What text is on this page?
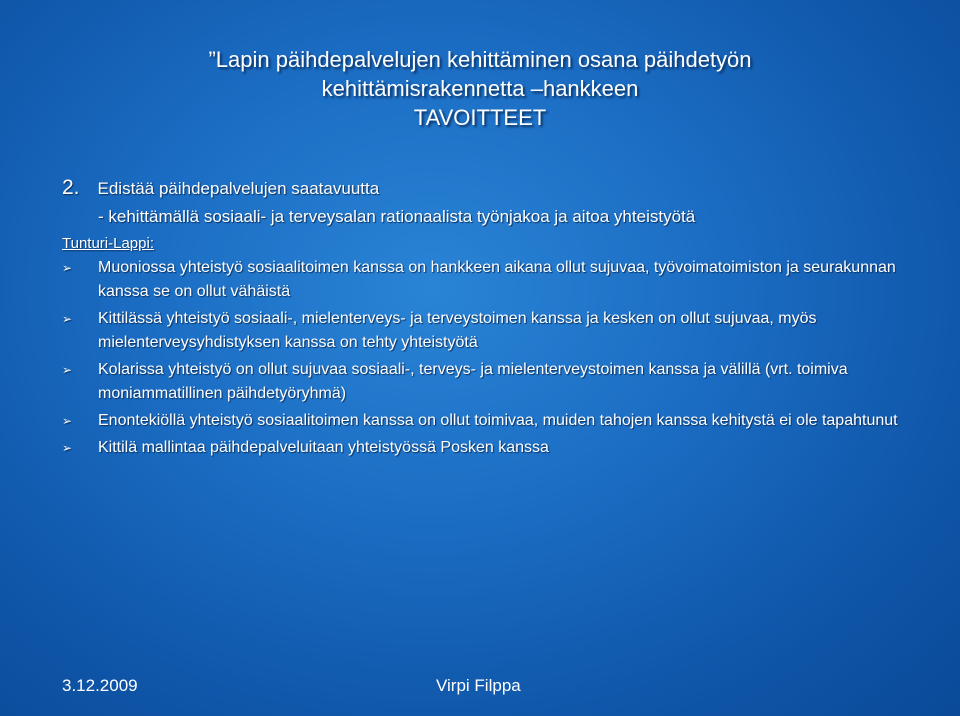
”Lapin päihdepalvelujen kehittäminen osana päihdetyön
kehittämisrakennetta –hankkeen
TAVOITTEET
2. Edistää päihdepalvelujen saatavuutta
- kehittämällä sosiaali- ja terveysalan rationaalista työnjakoa ja aitoa yhteistyötä
Tunturi-Lappi:
➢ Muoniossa yhteistyö sosiaalitoimen kanssa on hankkeen aikana ollut sujuvaa, työvoimatoimiston ja seurakunnan kanssa se on ollut vähäistä
➢ Kittilässä yhteistyö sosiaali-, mielenterveys- ja terveystoimen kanssa ja kesken on ollut sujuvaa, myös mielenterveysyhdistyksen kanssa on tehty yhteistyötä
➢ Kolarissa yhteistyö on ollut sujuvaa sosiaali-, terveys- ja mielenterveystoimen kanssa ja välillä (vrt. toimiva moniammatillinen päihdetyöryhmä)
➢ Enontekiöllä yhteistyö sosiaalitoimen kanssa on ollut toimivaa, muiden tahojen kanssa kehitystä ei ole tapahtunut
➢ Kittilä mallintaa päihdepalveluitaan yhteistyössä Posken kanssa
3.12.2009	Virpi Filppa
